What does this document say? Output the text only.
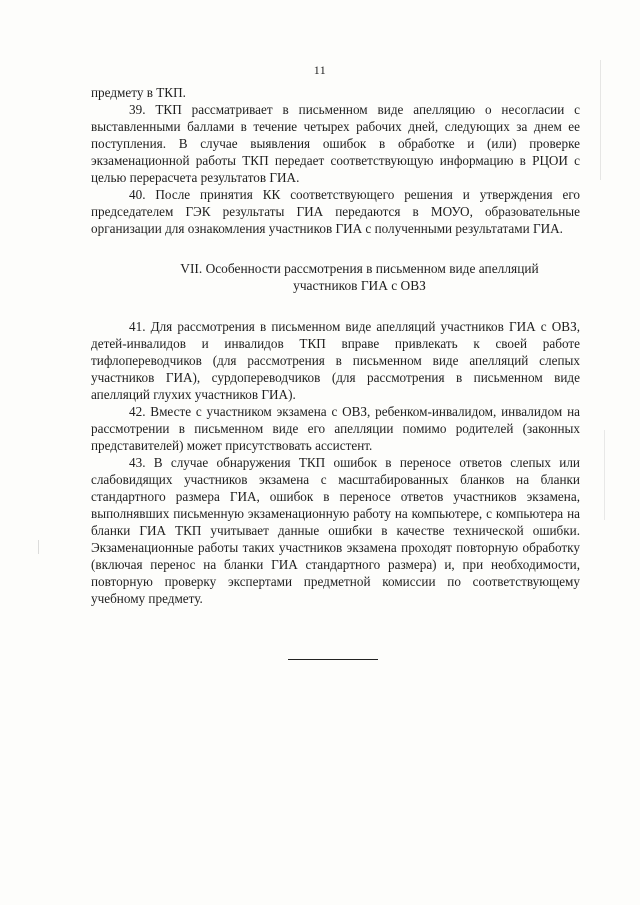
11

предмету в ТКП.

39. ТКП рассматривает в письменном виде апелляцию о несогласии с выставленными баллами в течение четырех рабочих дней, следующих за днем ее поступления. В случае выявления ошибок в обработке и (или) проверке экзаменационной работы ТКП передает соответствующую информацию в РЦОИ с целью перерасчета результатов ГИА.

40. После принятия КК соответствующего решения и утверждения его председателем ГЭК результаты ГИА передаются в МОУО, образовательные организации для ознакомления участников ГИА с полученными результатами ГИА.

VII. Особенности рассмотрения в письменном виде апелляций
участников ГИА с ОВЗ

41. Для рассмотрения в письменном виде апелляций участников ГИА с ОВЗ, детей-инвалидов и инвалидов ТКП вправе привлекать к своей работе тифлопереводчиков (для рассмотрения в письменном виде апелляций слепых участников ГИА), сурдопереводчиков (для рассмотрения в письменном виде апелляций глухих участников ГИА).

42. Вместе с участником экзамена с ОВЗ, ребенком-инвалидом, инвалидом на рассмотрении в письменном виде его апелляции помимо родителей (законных представителей) может присутствовать ассистент.

43. В случае обнаружения ТКП ошибок в переносе ответов слепых или слабовидящих участников экзамена с масштабированных бланков на бланки стандартного размера ГИА, ошибок в переносе ответов участников экзамена, выполнявших письменную экзаменационную работу на компьютере, с компьютера на бланки ГИА ТКП учитывает данные ошибки в качестве технической ошибки. Экзаменационные работы таких участников экзамена проходят повторную обработку (включая перенос на бланки ГИА стандартного размера) и, при необходимости, повторную проверку экспертами предметной комиссии по соответствующему учебному предмету.
